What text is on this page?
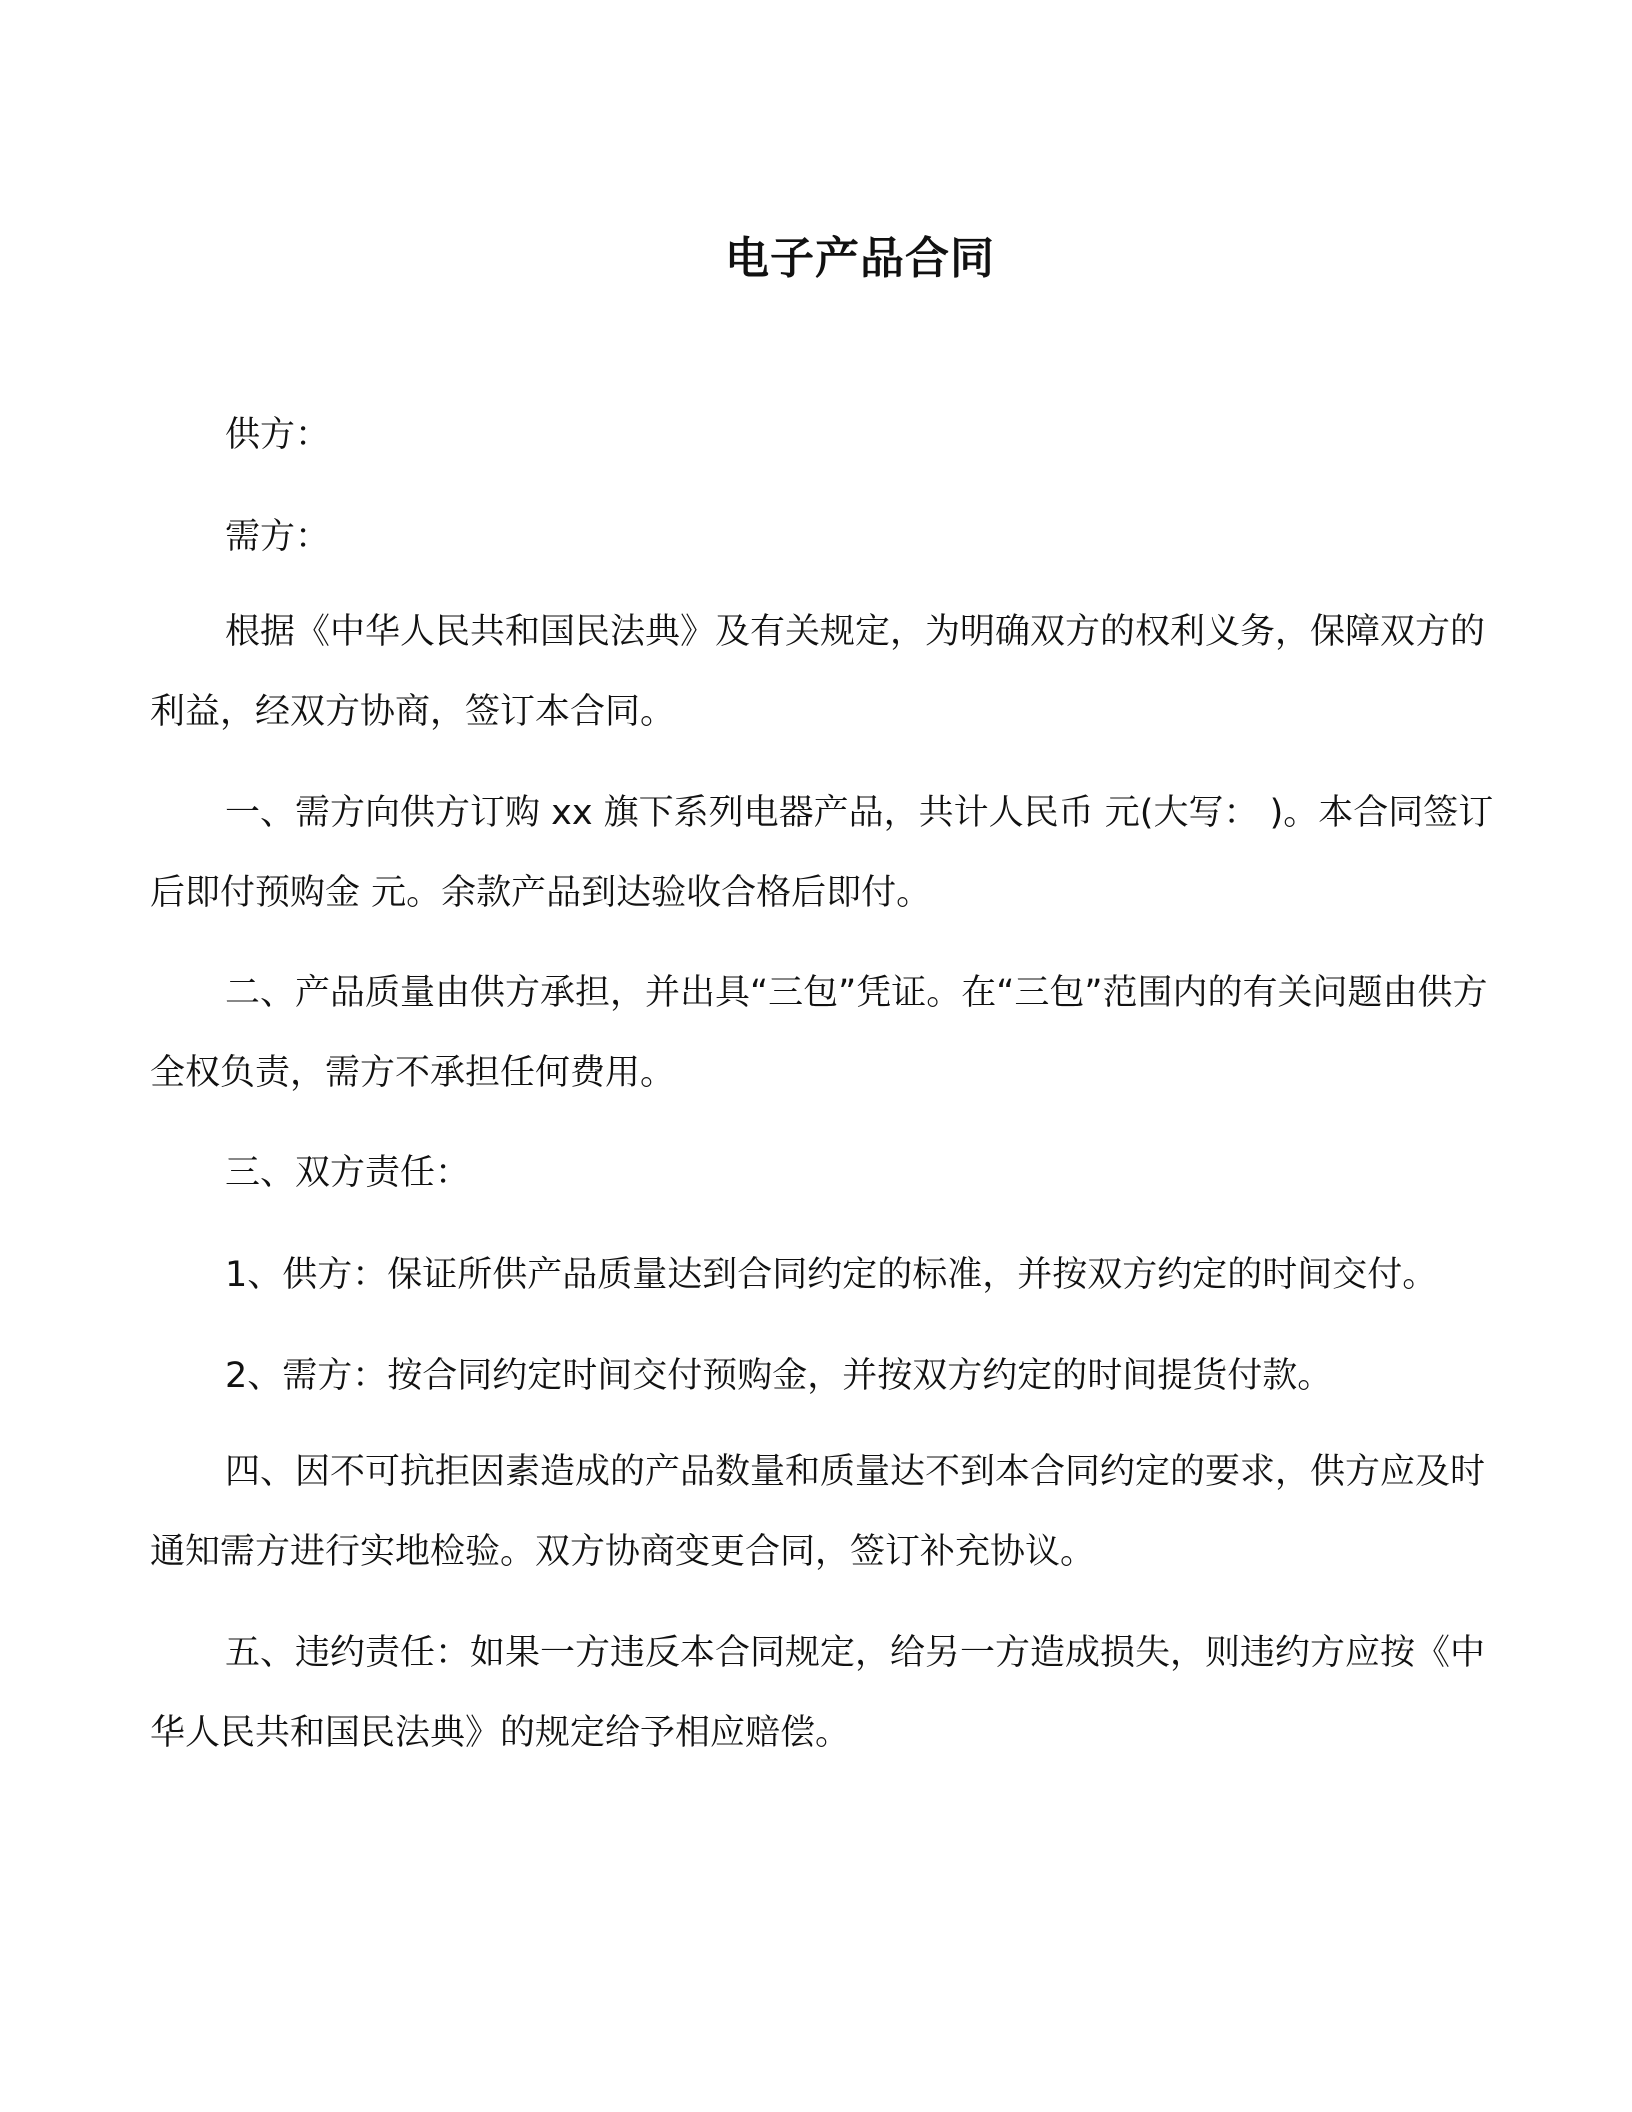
电子产品合同
供方：
需方：
根据《中华人民共和国民法典》及有关规定，为明确双方的权利义务，保障双方的利益，经双方协商，签订本合同。
一、需方向供方订购 xx 旗下系列电器产品，共计人民币 元(大写： )。本合同签订后即付预购金 元。余款产品到达验收合格后即付。
二、产品质量由供方承担，并出具“三包”凭证。在“三包”范围内的有关问题由供方全权负责，需方不承担任何费用。
三、双方责任：
1、供方：保证所供产品质量达到合同约定的标准，并按双方约定的时间交付。
2、需方：按合同约定时间交付预购金，并按双方约定的时间提货付款。
四、因不可抗拒因素造成的产品数量和质量达不到本合同约定的要求，供方应及时通知需方进行实地检验。双方协商变更合同，签订补充协议。
五、违约责任：如果一方违反本合同规定，给另一方造成损失，则违约方应按《中华人民共和国民法典》的规定给予相应赔偿。
